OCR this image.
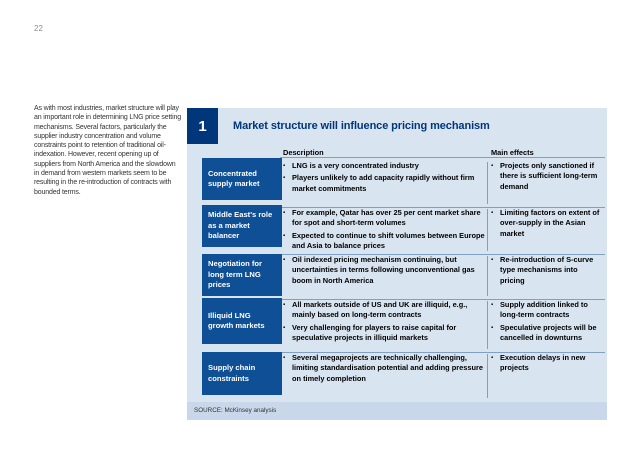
22
As with most industries, market structure will play an important role in determining LNG price setting mechanisms. Several factors, particularly the supplier industry concentration and volume constraints point to retention of traditional oil-indexation. However, recent opening up of suppliers from North America and the slowdown in demand from western markets seem to be resulting in the re-introduction of contracts with bounded terms.
1	Market structure will influence pricing mechanism
Description	Main effects
Concentrated supply market
▪ LNG is a very concentrated industry
▪ Players unlikely to add capacity rapidly without firm market commitments
▪ Projects only sanctioned if there is sufficient long-term demand
Middle East's role as a market balancer
▪ For example, Qatar has over 25 per cent market share for spot and short-term volumes
▪ Expected to continue to shift volumes between Europe and Asia to balance prices
▪ Limiting factors on extent of over-supply in the Asian market
Negotiation for long term LNG prices
▪ Oil indexed pricing mechanism continuing, but uncertainties in terms following unconventional gas boom in North America
▪ Re-introduction of S-curve type mechanisms into pricing
Illiquid LNG growth markets
▪ All markets outside of US and UK are illiquid, e.g., mainly based on long-term contracts
▪ Very challenging for players to raise capital for speculative projects in illiquid markets
▪ Supply addition linked to long-term contracts
▪ Speculative projects will be cancelled in downturns
Supply chain constraints
▪ Several megaprojects are technically challenging, limiting standardisation potential and adding pressure on timely completion
▪ Execution delays in new projects
SOURCE: McKinsey analysis
